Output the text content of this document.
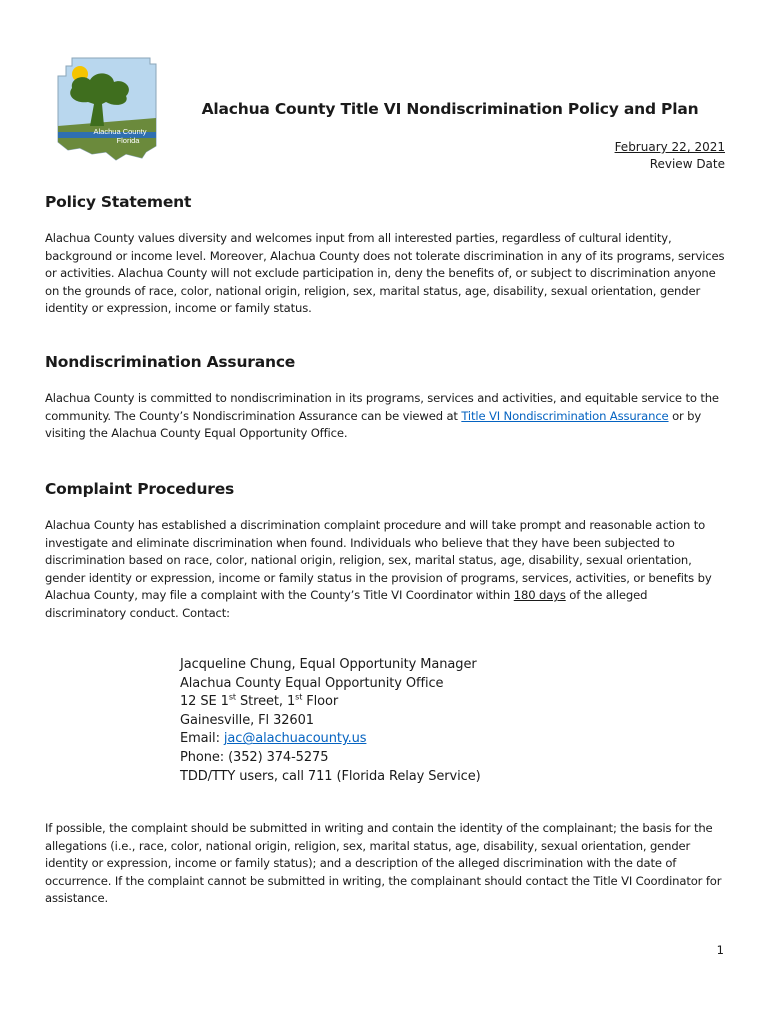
Alachua County
Florida
Alachua County Title VI Nondiscrimination Policy and Plan
February 22, 2021
Review Date
Policy Statement

Alachua County values diversity and welcomes input from all interested parties, regardless of cultural identity, background or income level. Moreover, Alachua County does not tolerate discrimination in any of its programs, services or activities. Alachua County will not exclude participation in, deny the benefits of, or subject to discrimination anyone on the grounds of race, color, national origin, religion, sex, marital status, age, disability, sexual orientation, gender identity or expression, income or family status.

Nondiscrimination Assurance

Alachua County is committed to nondiscrimination in its programs, services and activities, and equitable service to the community. The County’s Nondiscrimination Assurance can be viewed at Title VI Nondiscrimination Assurance or by visiting the Alachua County Equal Opportunity Office.

Complaint Procedures

Alachua County has established a discrimination complaint procedure and will take prompt and reasonable action to investigate and eliminate discrimination when found. Individuals who believe that they have been subjected to discrimination based on race, color, national origin, religion, sex, marital status, age, disability, sexual orientation, gender identity or expression, income or family status in the provision of programs, services, activities, or benefits by Alachua County, may file a complaint with the County’s Title VI Coordinator within 180 days of the alleged discriminatory conduct. Contact:

Jacqueline Chung, Equal Opportunity Manager
Alachua County Equal Opportunity Office
12 SE 1st Street, 1st Floor
Gainesville, Fl 32601
Email: jac@alachuacounty.us
Phone: (352) 374-5275
TDD/TTY users, call 711 (Florida Relay Service)

If possible, the complaint should be submitted in writing and contain the identity of the complainant; the basis for the allegations (i.e., race, color, national origin, religion, sex, marital status, age, disability, sexual orientation, gender identity or expression, income or family status); and a description of the alleged discrimination with the date of occurrence. If the complaint cannot be submitted in writing, the complainant should contact the Title VI Coordinator for assistance.

1
